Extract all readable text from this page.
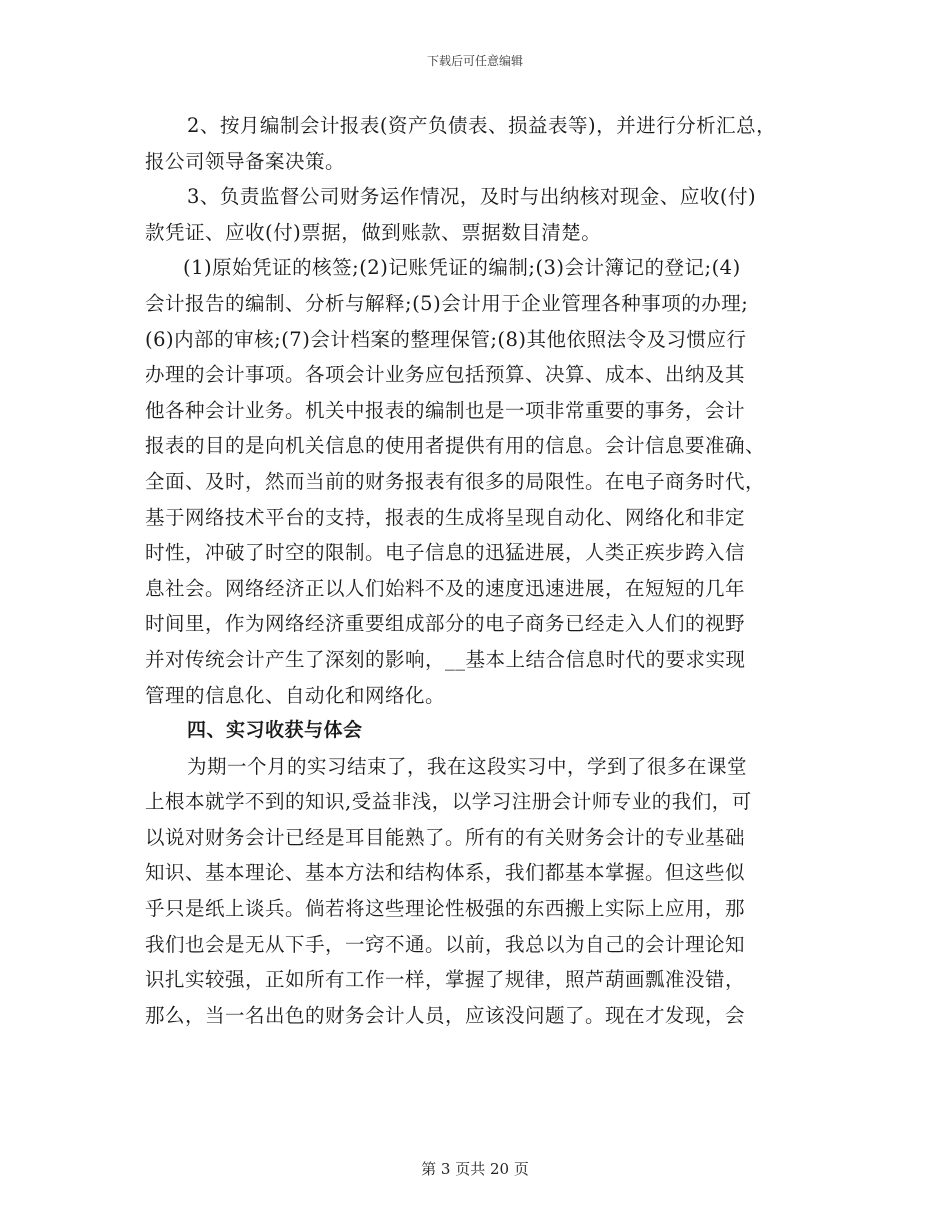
下载后可任意编辑
2、按月编制会计报表(资产负债表、损益表等)，并进行分析汇总，
报公司领导备案决策。
3、负责监督公司财务运作情况，及时与出纳核对现金、应收(付)
款凭证、应收(付)票据，做到账款、票据数目清楚。
(1)原始凭证的核签;(2)记账凭证的编制;(3)会计簿记的登记;(4)
会计报告的编制、分析与解释;(5)会计用于企业管理各种事项的办理;
(6)内部的审核;(7)会计档案的整理保管;(8)其他依照法令及习惯应行
办理的会计事项。各项会计业务应包括预算、决算、成本、出纳及其
他各种会计业务。机关中报表的编制也是一项非常重要的事务，会计
报表的目的是向机关信息的使用者提供有用的信息。会计信息要准确、
全面、及时，然而当前的财务报表有很多的局限性。在电子商务时代，
基于网络技术平台的支持，报表的生成将呈现自动化、网络化和非定
时性，冲破了时空的限制。电子信息的迅猛进展，人类正疾步跨入信
息社会。网络经济正以人们始料不及的速度迅速进展，在短短的几年
时间里，作为网络经济重要组成部分的电子商务已经走入人们的视野
并对传统会计产生了深刻的影响，__基本上结合信息时代的要求实现
管理的信息化、自动化和网络化。
四、实习收获与体会
为期一个月的实习结束了，我在这段实习中，学到了很多在课堂
上根本就学不到的知识,受益非浅，以学习注册会计师专业的我们，可
以说对财务会计已经是耳目能熟了。所有的有关财务会计的专业基础
知识、基本理论、基本方法和结构体系，我们都基本掌握。但这些似
乎只是纸上谈兵。倘若将这些理论性极强的东西搬上实际上应用，那
我们也会是无从下手，一窍不通。以前，我总以为自己的会计理论知
识扎实较强，正如所有工作一样，掌握了规律，照芦葫画瓢准没错，
那么，当一名出色的财务会计人员，应该没问题了。现在才发现，会
第 3 页共 20 页
